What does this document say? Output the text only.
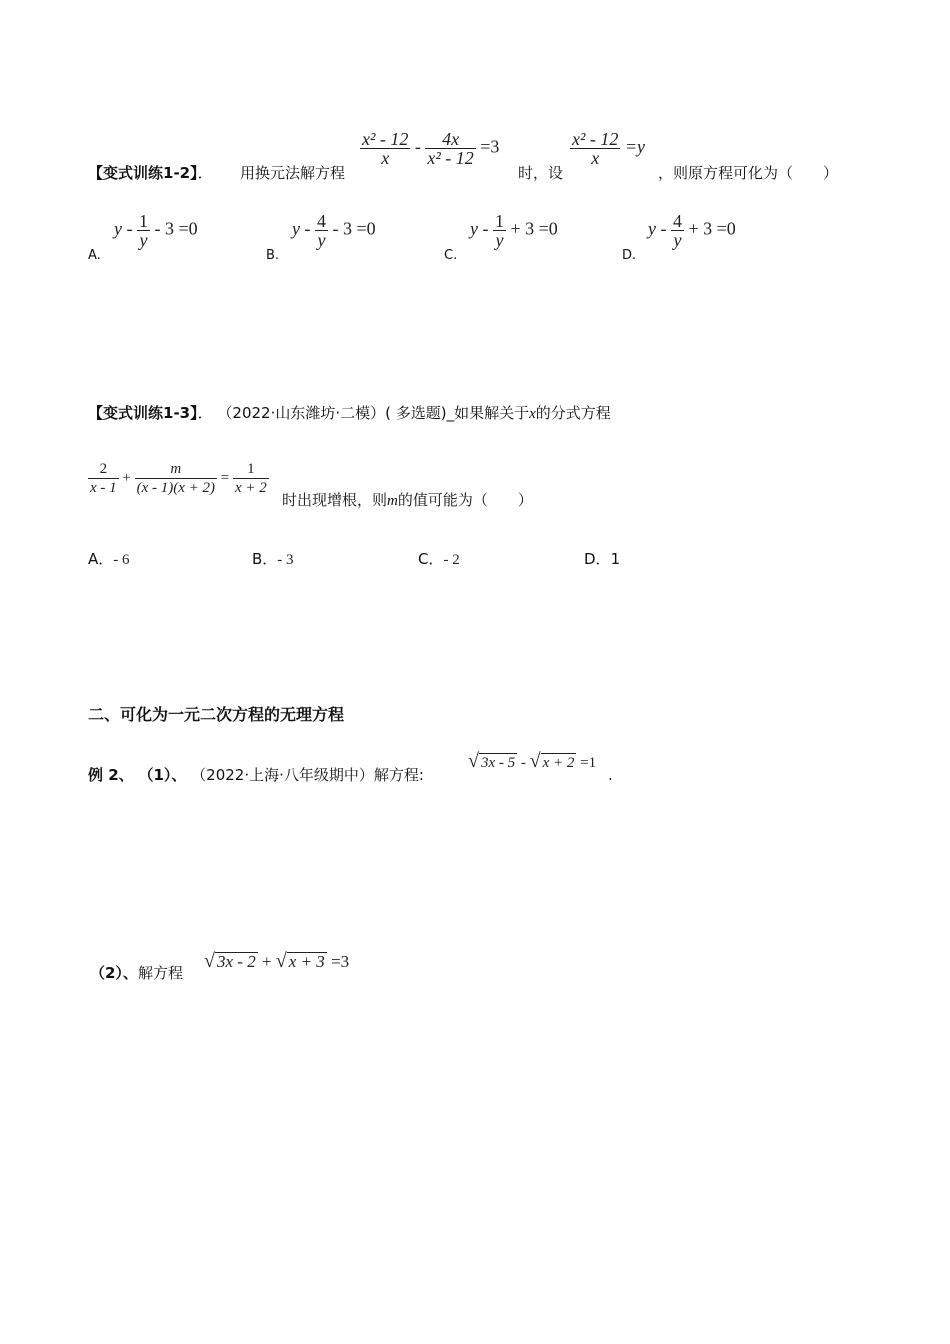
【变式训练1-2】． 用换元法解方程
$\frac{\text{x² - 12}}{x} - \frac{4x}{\text{x² - 12}} =3$
时，设
$\frac{\text{x² - 12}}{x} =y$
，则原方程可化为（　　）
A.
$y - \frac{1}{y} - 3 =0$
B.
$y - \frac{4}{y} - 3 =0$
C.
$y - \frac{1}{y} + 3 =0$
D.
$y - \frac{4}{y} + 3 =0$
【变式训练1-3】． （2022·山东潍坊·二模）( 多选题)_如果解关于x的分式方程
$\frac{2}{x - 1} + \frac{m}{(x - 1)(x + 2)} = \frac{1}{x + 2}$
时出现增根，则m的值可能为（　　）
A．- 6	B．- 3	C．- 2	D．1
二、可化为一元二次方程的无理方程
例 2、 （1）、 （2022·上海·八年级期中）解方程:
√ 3x - 5 - √ x + 2 =1
.
（2）、解方程
√ 3x - 2 + √ x + 3 =3
